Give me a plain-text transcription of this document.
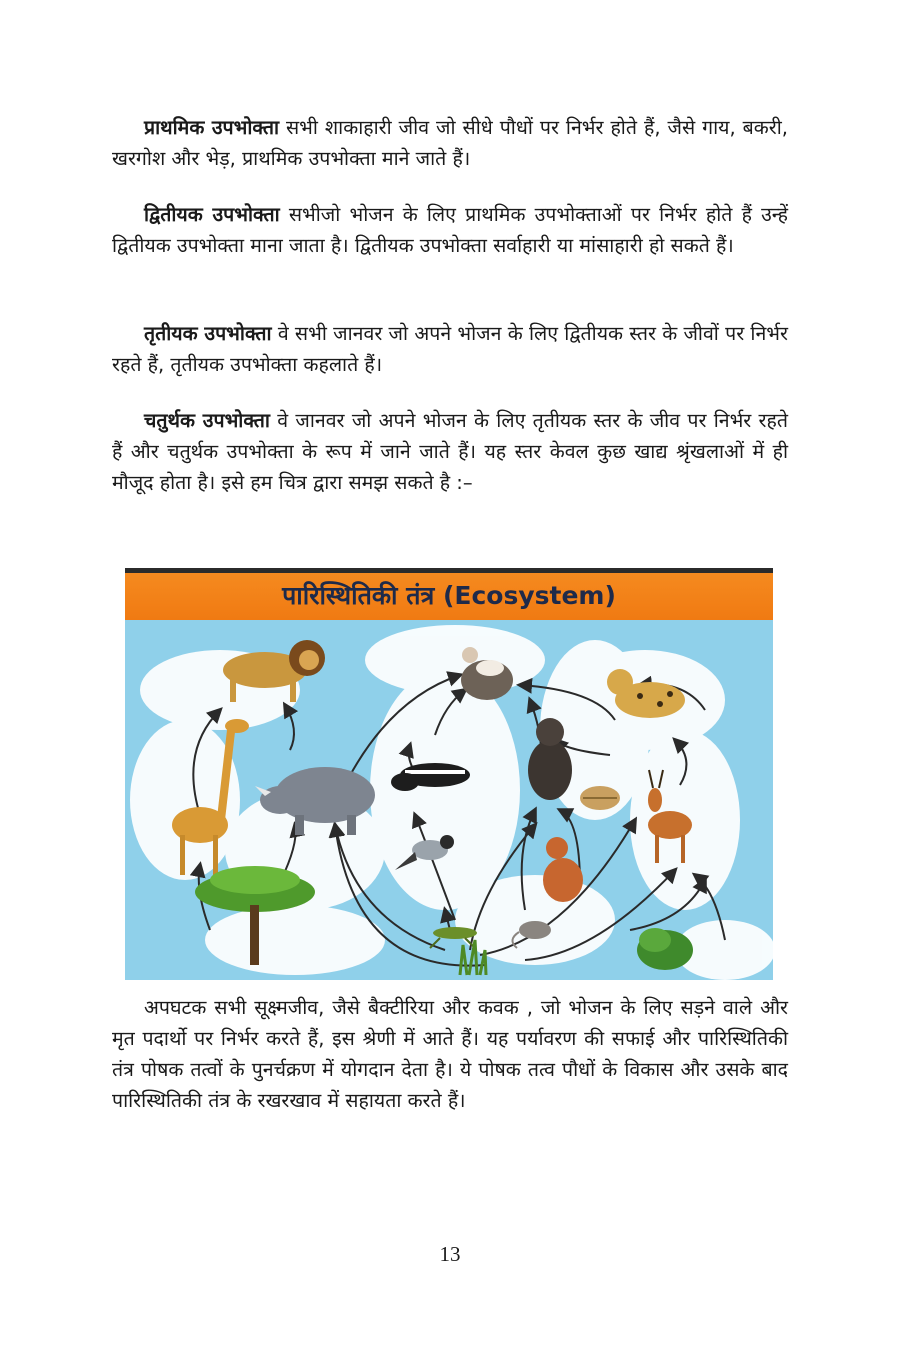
प्राथमिक उपभोक्ता सभी शाकाहारी जीव जो सीधे पौधों पर निर्भर होते हैं, जैसे गाय, बकरी, खरगोश और भेड़, प्राथमिक उपभोक्ता माने जाते हैं।

द्वितीयक उपभोक्ता सभीजो भोजन के लिए प्राथमिक उपभोक्ताओं पर निर्भर होते हैं उन्हें द्वितीयक उपभोक्ता माना जाता है। द्वितीयक उपभोक्ता सर्वाहारी या मांसाहारी हो सकते हैं।

तृतीयक उपभोक्ता वे सभी जानवर जो अपने भोजन के लिए द्वितीयक स्तर के जीवों पर निर्भर रहते हैं, तृतीयक उपभोक्ता कहलाते हैं।

चतुर्थक उपभोक्ता वे जानवर जो अपने भोजन के लिए तृतीयक स्तर के जीव पर निर्भर रहते हैं और चतुर्थक उपभोक्ता के रूप में जाने जाते हैं। यह स्तर केवल कुछ खाद्य श्रृंखलाओं में ही मौजूद होता है। इसे हम चित्र द्वारा समझ सकते है :–

पारिस्थितिकी तंत्र (Ecosystem)

अपघटक सभी सूक्ष्मजीव, जैसे बैक्टीरिया और कवक , जो भोजन के लिए सड़ने वाले और मृत पदार्थो पर निर्भर करते हैं, इस श्रेणी में आते हैं। यह पर्यावरण की सफाई और पारिस्थितिकी तंत्र पोषक तत्वों के पुनर्चक्रण में योगदान देता है। ये पोषक तत्व पौधों के विकास और उसके बाद पारिस्थितिकी तंत्र के रखरखाव में सहायता करते हैं।

13
